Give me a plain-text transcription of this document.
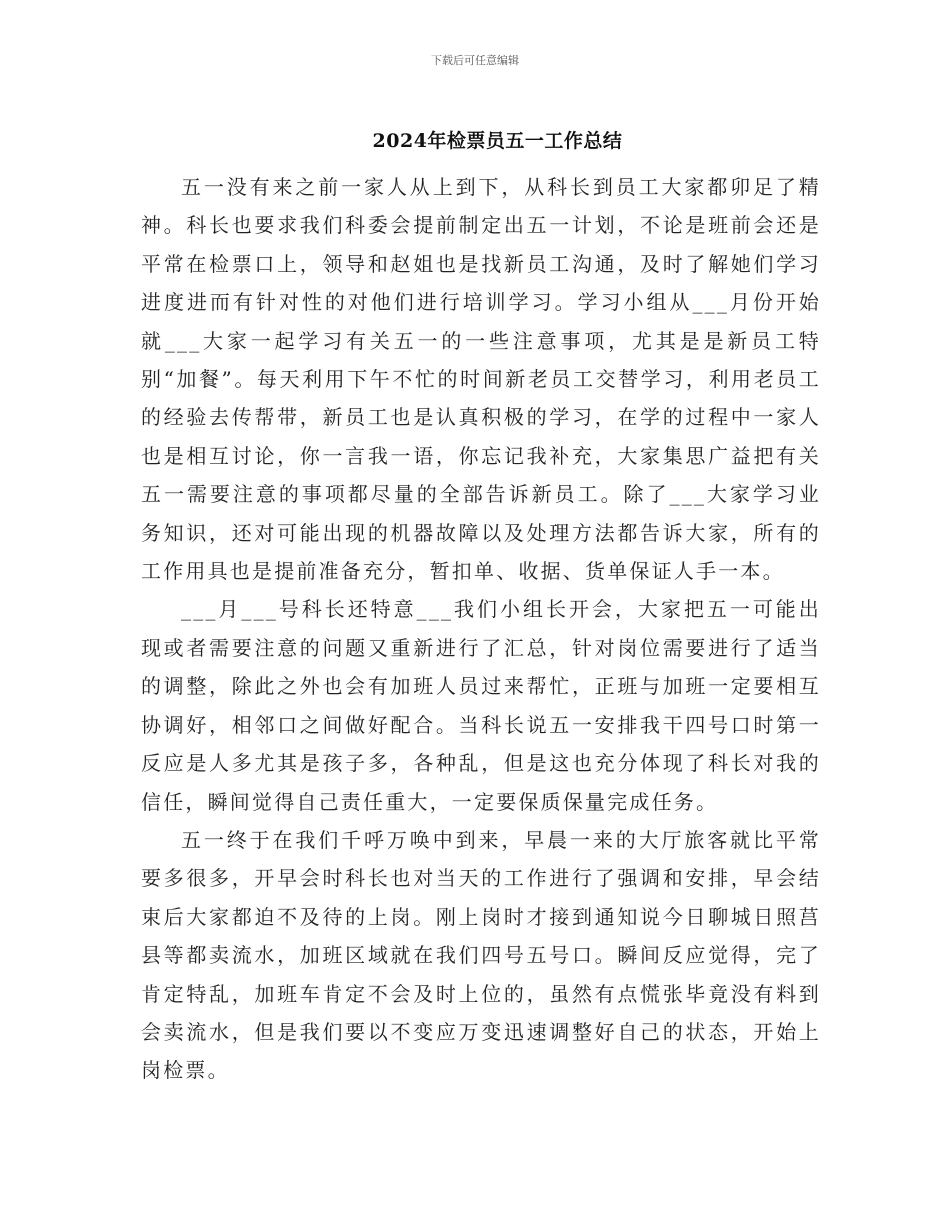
下载后可任意编辑
2024年检票员五一工作总结

五一没有来之前一家人从上到下，从科长到员工大家都卯足了精神。科长也要求我们科委会提前制定出五一计划，不论是班前会还是平常在检票口上，领导和赵姐也是找新员工沟通，及时了解她们学习进度进而有针对性的对他们进行培训学习。学习小组从___月份开始就___大家一起学习有关五一的一些注意事项，尤其是是新员工特别“加餐”。每天利用下午不忙的时间新老员工交替学习，利用老员工的经验去传帮带，新员工也是认真积极的学习，在学的过程中一家人也是相互讨论，你一言我一语，你忘记我补充，大家集思广益把有关五一需要注意的事项都尽量的全部告诉新员工。除了___大家学习业务知识，还对可能出现的机器故障以及处理方法都告诉大家，所有的工作用具也是提前准备充分，暂扣单、收据、货单保证人手一本。

___月___号科长还特意___我们小组长开会，大家把五一可能出现或者需要注意的问题又重新进行了汇总，针对岗位需要进行了适当的调整，除此之外也会有加班人员过来帮忙，正班与加班一定要相互协调好，相邻口之间做好配合。当科长说五一安排我干四号口时第一反应是人多尤其是孩子多，各种乱，但是这也充分体现了科长对我的信任，瞬间觉得自己责任重大，一定要保质保量完成任务。

五一终于在我们千呼万唤中到来，早晨一来的大厅旅客就比平常要多很多，开早会时科长也对当天的工作进行了强调和安排，早会结束后大家都迫不及待的上岗。刚上岗时才接到通知说今日聊城日照莒县等都卖流水，加班区域就在我们四号五号口。瞬间反应觉得，完了肯定特乱，加班车肯定不会及时上位的，虽然有点慌张毕竟没有料到会卖流水，但是我们要以不变应万变迅速调整好自己的状态，开始上岗检票。
